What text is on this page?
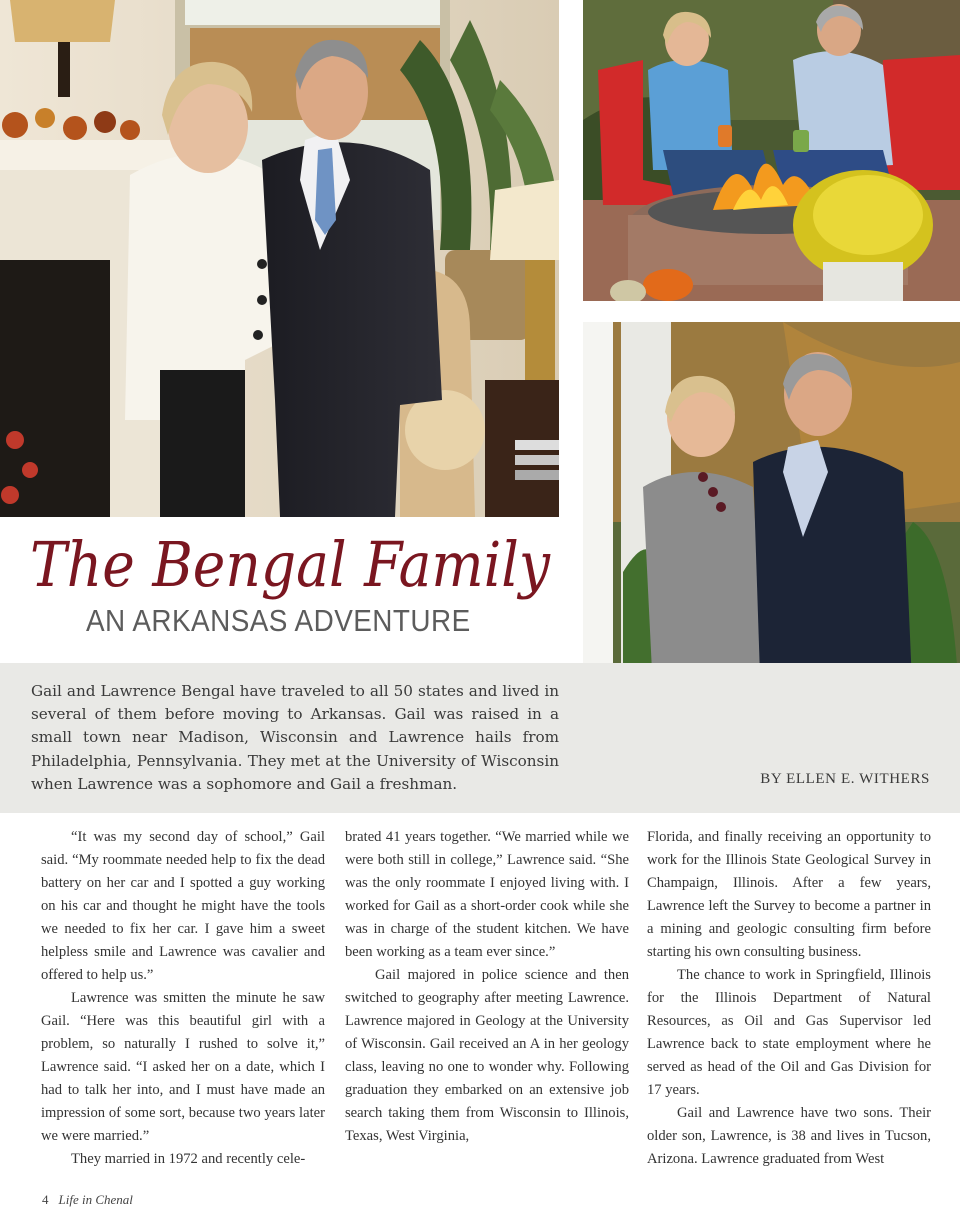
The Bengal Family
AN ARKANSAS ADVENTURE

Gail and Lawrence Bengal have traveled to all 50 states and lived in several of them before moving to Arkansas. Gail was raised in a small town near Madison, Wisconsin and Lawrence hails from Philadelphia, Pennsylvania. They met at the University of Wisconsin when Lawrence was a sophomore and Gail a freshman.	BY ELLEN E. WITHERS

“It was my second day of school,” Gail said. “My roommate needed help to fix the dead battery on her car and I spotted a guy working on his car and thought he might have the tools we needed to fix her car. I gave him a sweet helpless smile and Lawrence was cavalier and offered to help us.”

Lawrence was smitten the minute he saw Gail. “Here was this beautiful girl with a problem, so naturally I rushed to solve it,” Lawrence said. “I asked her on a date, which I had to talk her into, and I must have made an impression of some sort, because two years later we were married.”

They married in 1972 and recently cele-

brated 41 years together. “We married while we were both still in college,” Lawrence said. “She was the only roommate I enjoyed living with. I worked for Gail as a short-order cook while she was in charge of the student kitchen. We have been working as a team ever since.”

Gail majored in police science and then switched to geography after meeting Lawrence. Lawrence majored in Geology at the University of Wisconsin. Gail received an A in her geology class, leaving no one to wonder why. Following graduation they embarked on an extensive job search taking them from Wisconsin to Illinois, Texas, West Virginia,

Florida, and finally receiving an opportunity to work for the Illinois State Geological Survey in Champaign, Illinois. After a few years, Lawrence left the Survey to become a partner in a mining and geologic consulting firm before starting his own consulting business.

The chance to work in Springfield, Illinois for the Illinois Department of Natural Resources, as Oil and Gas Supervisor led Lawrence back to state employment where he served as head of the Oil and Gas Division for 17 years.

Gail and Lawrence have two sons. Their older son, Lawrence, is 38 and lives in Tucson, Arizona. Lawrence graduated from West

4 Life in Chenal
